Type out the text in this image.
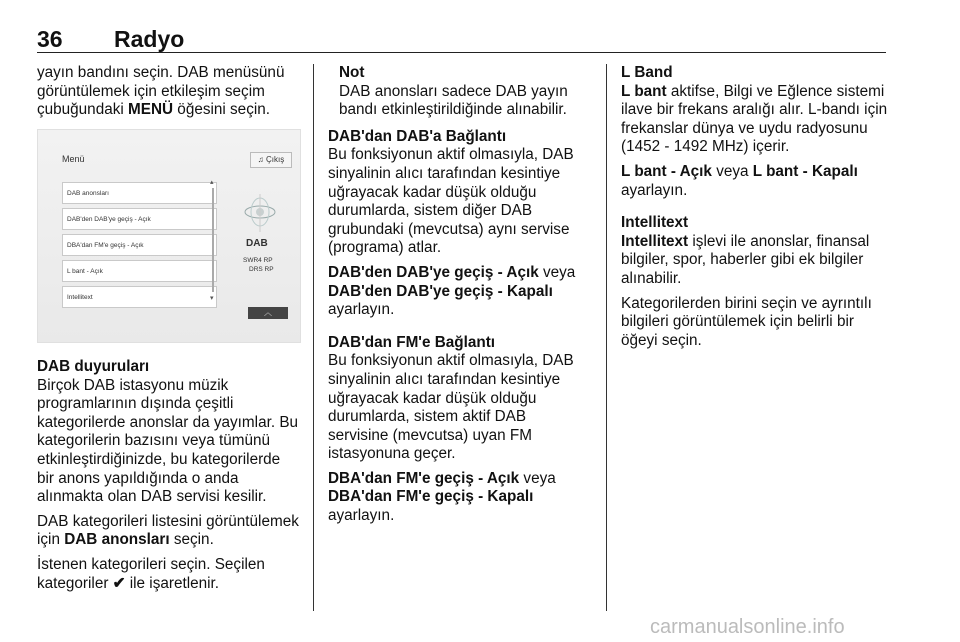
36 Radyo

yayın bandını seçin. DAB menüsünü görüntülemek için etkileşim seçim çubuğundaki MENÜ öğesini seçin.

Menü	♫ Çıkış
DAB anonsları
DAB'den DAB'ye geçiş - Açık
DBA'dan FM'e geçiş - Açık
L bant - Açık
Intellitext
▴
▾
DAB
SWR4 RP
DRS RP
︿

DAB duyuruları

Birçok DAB istasyonu müzik programlarının dışında çeşitli kategorilerde anonslar da yayımlar. Bu kategorilerin bazısını veya tümünü etkinleştirdiğinizde, bu kategorilerde bir anons yapıldığında o anda alınmakta olan DAB servisi kesilir.

DAB kategorileri listesini görüntülemek için DAB anonsları seçin.

İstenen kategorileri seçin. Seçilen kategoriler ✔ ile işaretlenir.

Not

DAB anonsları sadece DAB yayın bandı etkinleştirildiğinde alınabilir.

DAB'dan DAB'a Bağlantı

Bu fonksiyonun aktif olmasıyla, DAB sinyalinin alıcı tarafından kesintiye uğrayacak kadar düşük olduğu durumlarda, sistem diğer DAB grubundaki (mevcutsa) aynı servise (programa) atlar.

DAB'den DAB'ye geçiş - Açık veya DAB'den DAB'ye geçiş - Kapalı
ayarlayın.

DAB'dan FM'e Bağlantı

Bu fonksiyonun aktif olmasıyla, DAB sinyalinin alıcı tarafından kesintiye uğrayacak kadar düşük olduğu durumlarda, sistem aktif DAB servisine (mevcutsa) uyan FM istasyonuna geçer.

DBA'dan FM'e geçiş - Açık veya DBA'dan FM'e geçiş - Kapalı
ayarlayın.

L Band

L bant aktifse, Bilgi ve Eğlence sistemi ilave bir frekans aralığı alır. L-bandı için frekanslar dünya ve uydu radyosunu (1452 - 1492 MHz) içerir.

L bant - Açık veya L bant - Kapalı
ayarlayın.

Intellitext

Intellitext işlevi ile anonslar, finansal bilgiler, spor, haberler gibi ek bilgiler alınabilir.

Kategorilerden birini seçin ve ayrıntılı bilgileri görüntülemek için belirli bir öğeyi seçin.

carmanualsonline.info
